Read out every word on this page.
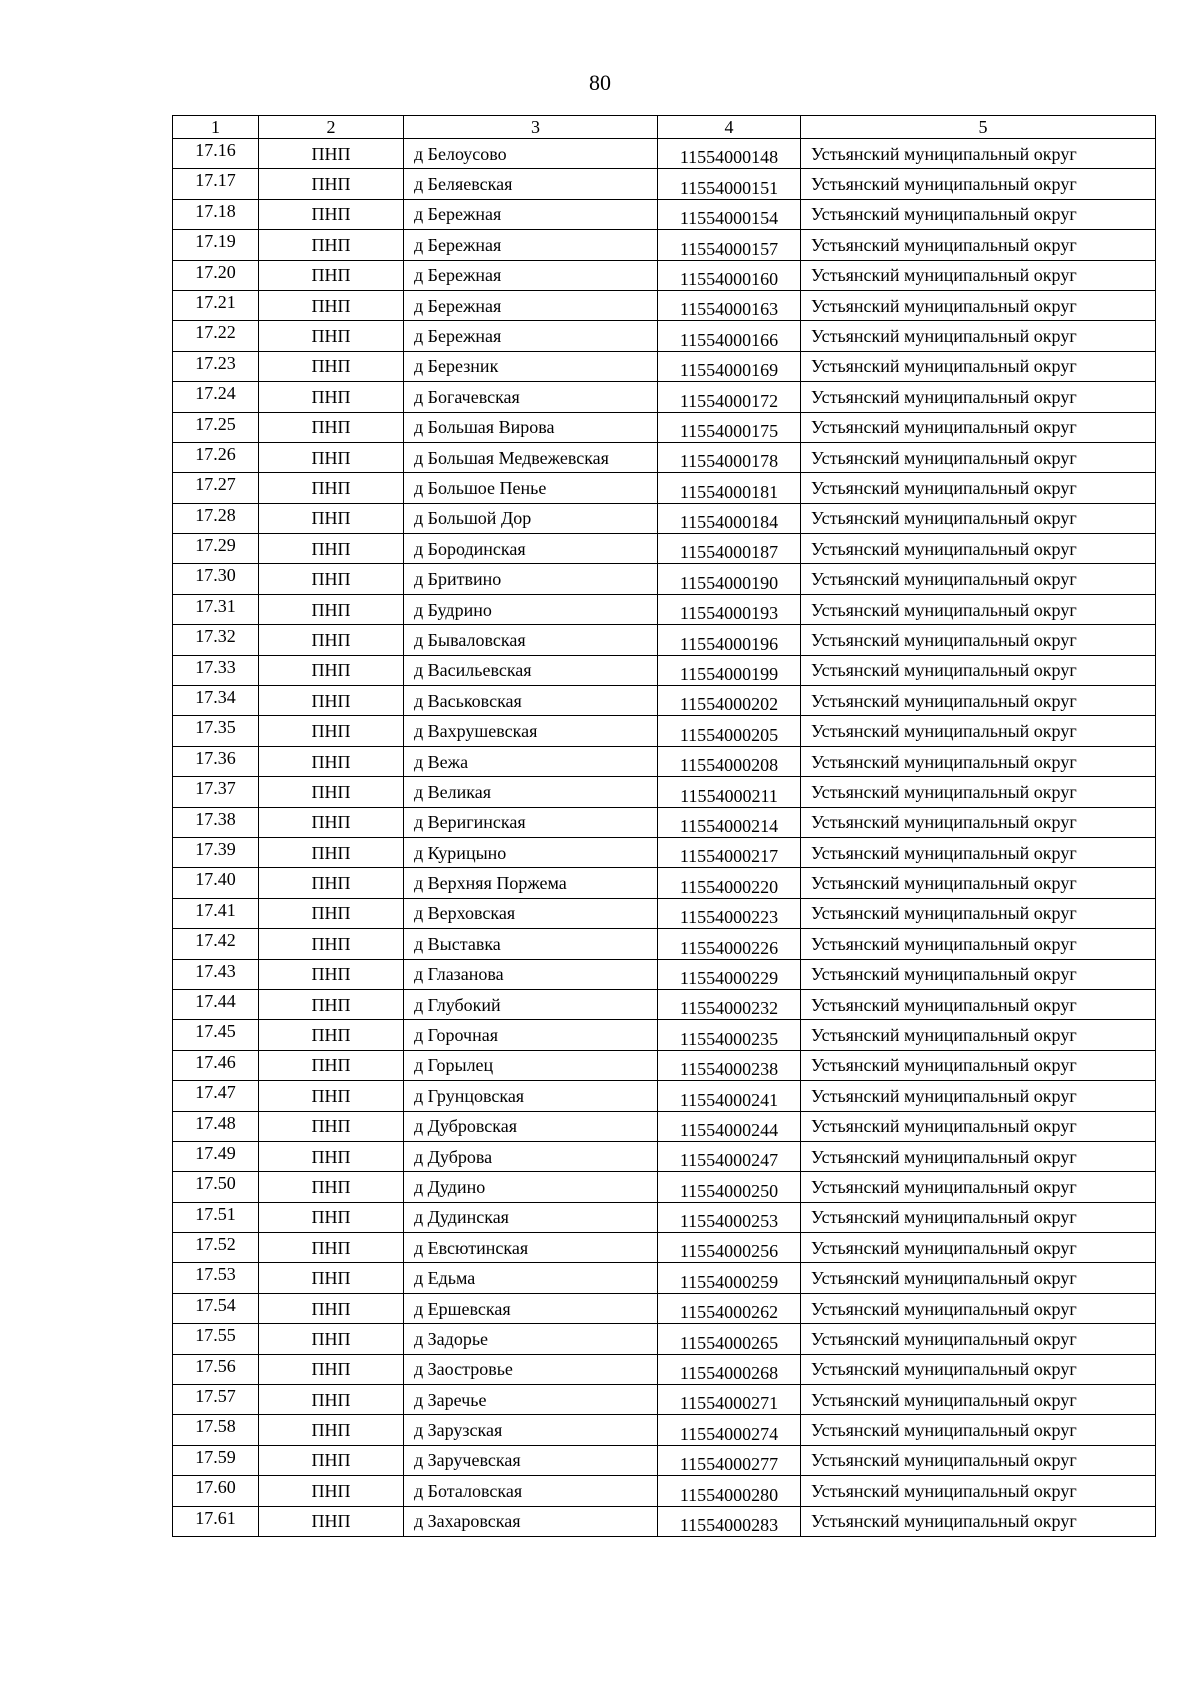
80
1	2	3	4	5
17.16	ПНП	д Белоусово	11554000148	Устьянский муниципальный округ
17.17	ПНП	д Беляевская	11554000151	Устьянский муниципальный округ
17.18	ПНП	д Бережная	11554000154	Устьянский муниципальный округ
17.19	ПНП	д Бережная	11554000157	Устьянский муниципальный округ
17.20	ПНП	д Бережная	11554000160	Устьянский муниципальный округ
17.21	ПНП	д Бережная	11554000163	Устьянский муниципальный округ
17.22	ПНП	д Бережная	11554000166	Устьянский муниципальный округ
17.23	ПНП	д Березник	11554000169	Устьянский муниципальный округ
17.24	ПНП	д Богачевская	11554000172	Устьянский муниципальный округ
17.25	ПНП	д Большая Вирова	11554000175	Устьянский муниципальный округ
17.26	ПНП	д Большая Медвежевская	11554000178	Устьянский муниципальный округ
17.27	ПНП	д Большое Пенье	11554000181	Устьянский муниципальный округ
17.28	ПНП	д Большой Дор	11554000184	Устьянский муниципальный округ
17.29	ПНП	д Бородинская	11554000187	Устьянский муниципальный округ
17.30	ПНП	д Бритвино	11554000190	Устьянский муниципальный округ
17.31	ПНП	д Будрино	11554000193	Устьянский муниципальный округ
17.32	ПНП	д Бываловская	11554000196	Устьянский муниципальный округ
17.33	ПНП	д Васильевская	11554000199	Устьянский муниципальный округ
17.34	ПНП	д Васьковская	11554000202	Устьянский муниципальный округ
17.35	ПНП	д Вахрушевская	11554000205	Устьянский муниципальный округ
17.36	ПНП	д Вежа	11554000208	Устьянский муниципальный округ
17.37	ПНП	д Великая	11554000211	Устьянский муниципальный округ
17.38	ПНП	д Веригинская	11554000214	Устьянский муниципальный округ
17.39	ПНП	д Курицыно	11554000217	Устьянский муниципальный округ
17.40	ПНП	д Верхняя Поржема	11554000220	Устьянский муниципальный округ
17.41	ПНП	д Верховская	11554000223	Устьянский муниципальный округ
17.42	ПНП	д Выставка	11554000226	Устьянский муниципальный округ
17.43	ПНП	д Глазанова	11554000229	Устьянский муниципальный округ
17.44	ПНП	д Глубокий	11554000232	Устьянский муниципальный округ
17.45	ПНП	д Горочная	11554000235	Устьянский муниципальный округ
17.46	ПНП	д Горылец	11554000238	Устьянский муниципальный округ
17.47	ПНП	д Грунцовская	11554000241	Устьянский муниципальный округ
17.48	ПНП	д Дубровская	11554000244	Устьянский муниципальный округ
17.49	ПНП	д Дуброва	11554000247	Устьянский муниципальный округ
17.50	ПНП	д Дудино	11554000250	Устьянский муниципальный округ
17.51	ПНП	д Дудинская	11554000253	Устьянский муниципальный округ
17.52	ПНП	д Евсютинская	11554000256	Устьянский муниципальный округ
17.53	ПНП	д Едьма	11554000259	Устьянский муниципальный округ
17.54	ПНП	д Ершевская	11554000262	Устьянский муниципальный округ
17.55	ПНП	д Задорье	11554000265	Устьянский муниципальный округ
17.56	ПНП	д Заостровье	11554000268	Устьянский муниципальный округ
17.57	ПНП	д Заречье	11554000271	Устьянский муниципальный округ
17.58	ПНП	д Зарузская	11554000274	Устьянский муниципальный округ
17.59	ПНП	д Заручевская	11554000277	Устьянский муниципальный округ
17.60	ПНП	д Боталовская	11554000280	Устьянский муниципальный округ
17.61	ПНП	д Захаровская	11554000283	Устьянский муниципальный округ
